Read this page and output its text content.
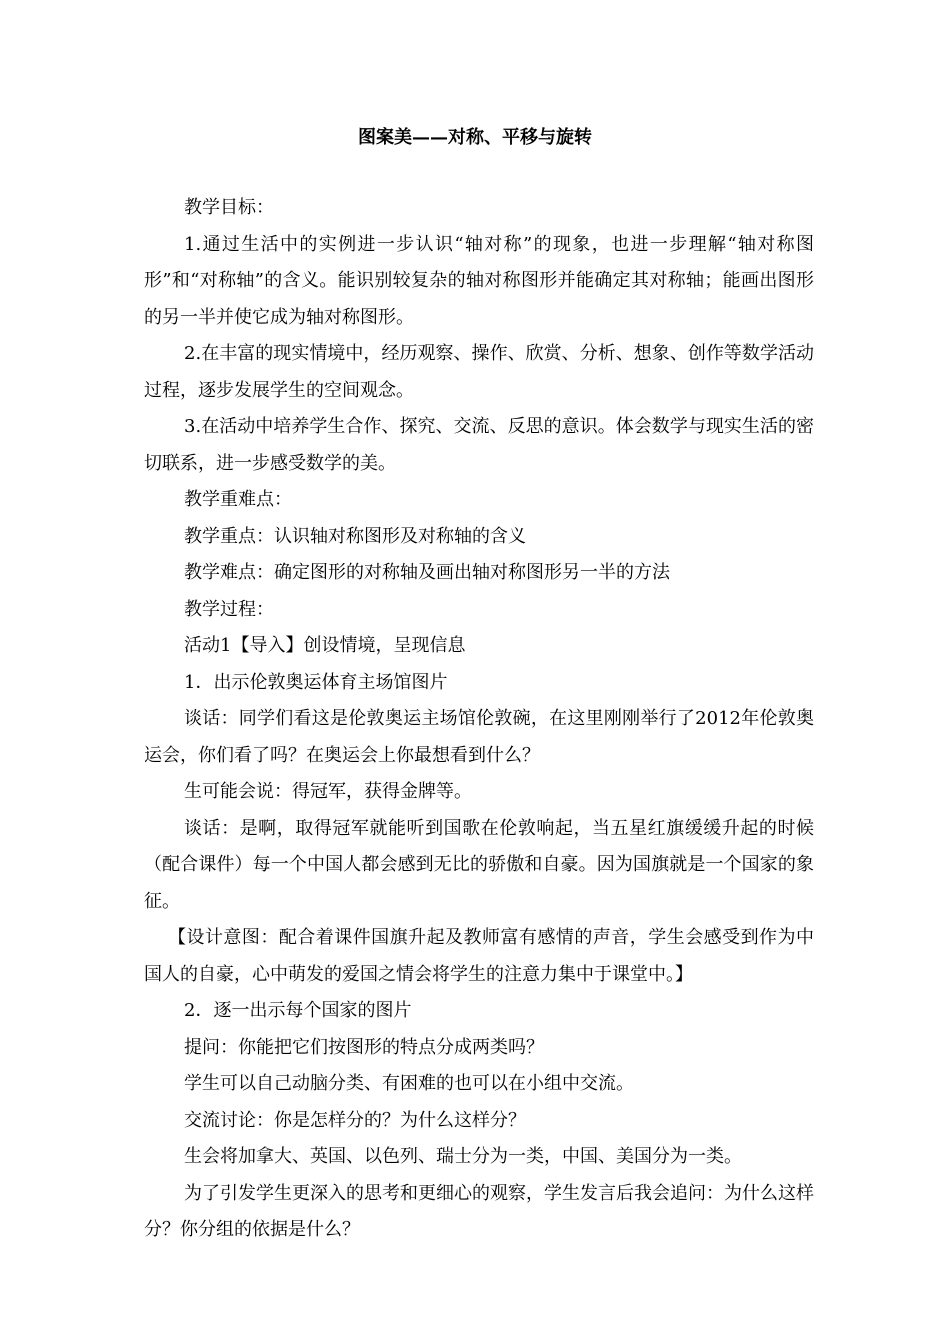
图案美——对称、平移与旋转

教学目标：

1.通过生活中的实例进一步认识“轴对称”的现象，也进一步理解“轴对称图形”和“对称轴”的含义。能识别较复杂的轴对称图形并能确定其对称轴；能画出图形的另一半并使它成为轴对称图形。

2.在丰富的现实情境中，经历观察、操作、欣赏、分析、想象、创作等数学活动过程，逐步发展学生的空间观念。

3.在活动中培养学生合作、探究、交流、反思的意识。体会数学与现实生活的密切联系，进一步感受数学的美。

教学重难点：

教学重点：认识轴对称图形及对称轴的含义

教学难点：确定图形的对称轴及画出轴对称图形另一半的方法

教学过程：

活动1【导入】创设情境，呈现信息

1．出示伦敦奥运体育主场馆图片

谈话：同学们看这是伦敦奥运主场馆伦敦碗，在这里刚刚举行了2012年伦敦奥运会，你们看了吗？在奥运会上你最想看到什么？

生可能会说：得冠军，获得金牌等。

谈话：是啊，取得冠军就能听到国歌在伦敦响起，当五星红旗缓缓升起的时候（配合课件）每一个中国人都会感到无比的骄傲和自豪。因为国旗就是一个国家的象征。

【设计意图：配合着课件国旗升起及教师富有感情的声音，学生会感受到作为中国人的自豪，心中萌发的爱国之情会将学生的注意力集中于课堂中。】

2．逐一出示每个国家的图片

提问：你能把它们按图形的特点分成两类吗？

学生可以自己动脑分类、有困难的也可以在小组中交流。

交流讨论：你是怎样分的？为什么这样分？

生会将加拿大、英国、以色列、瑞士分为一类，中国、美国分为一类。

为了引发学生更深入的思考和更细心的观察，学生发言后我会追问：为什么这样分？你分组的依据是什么？
